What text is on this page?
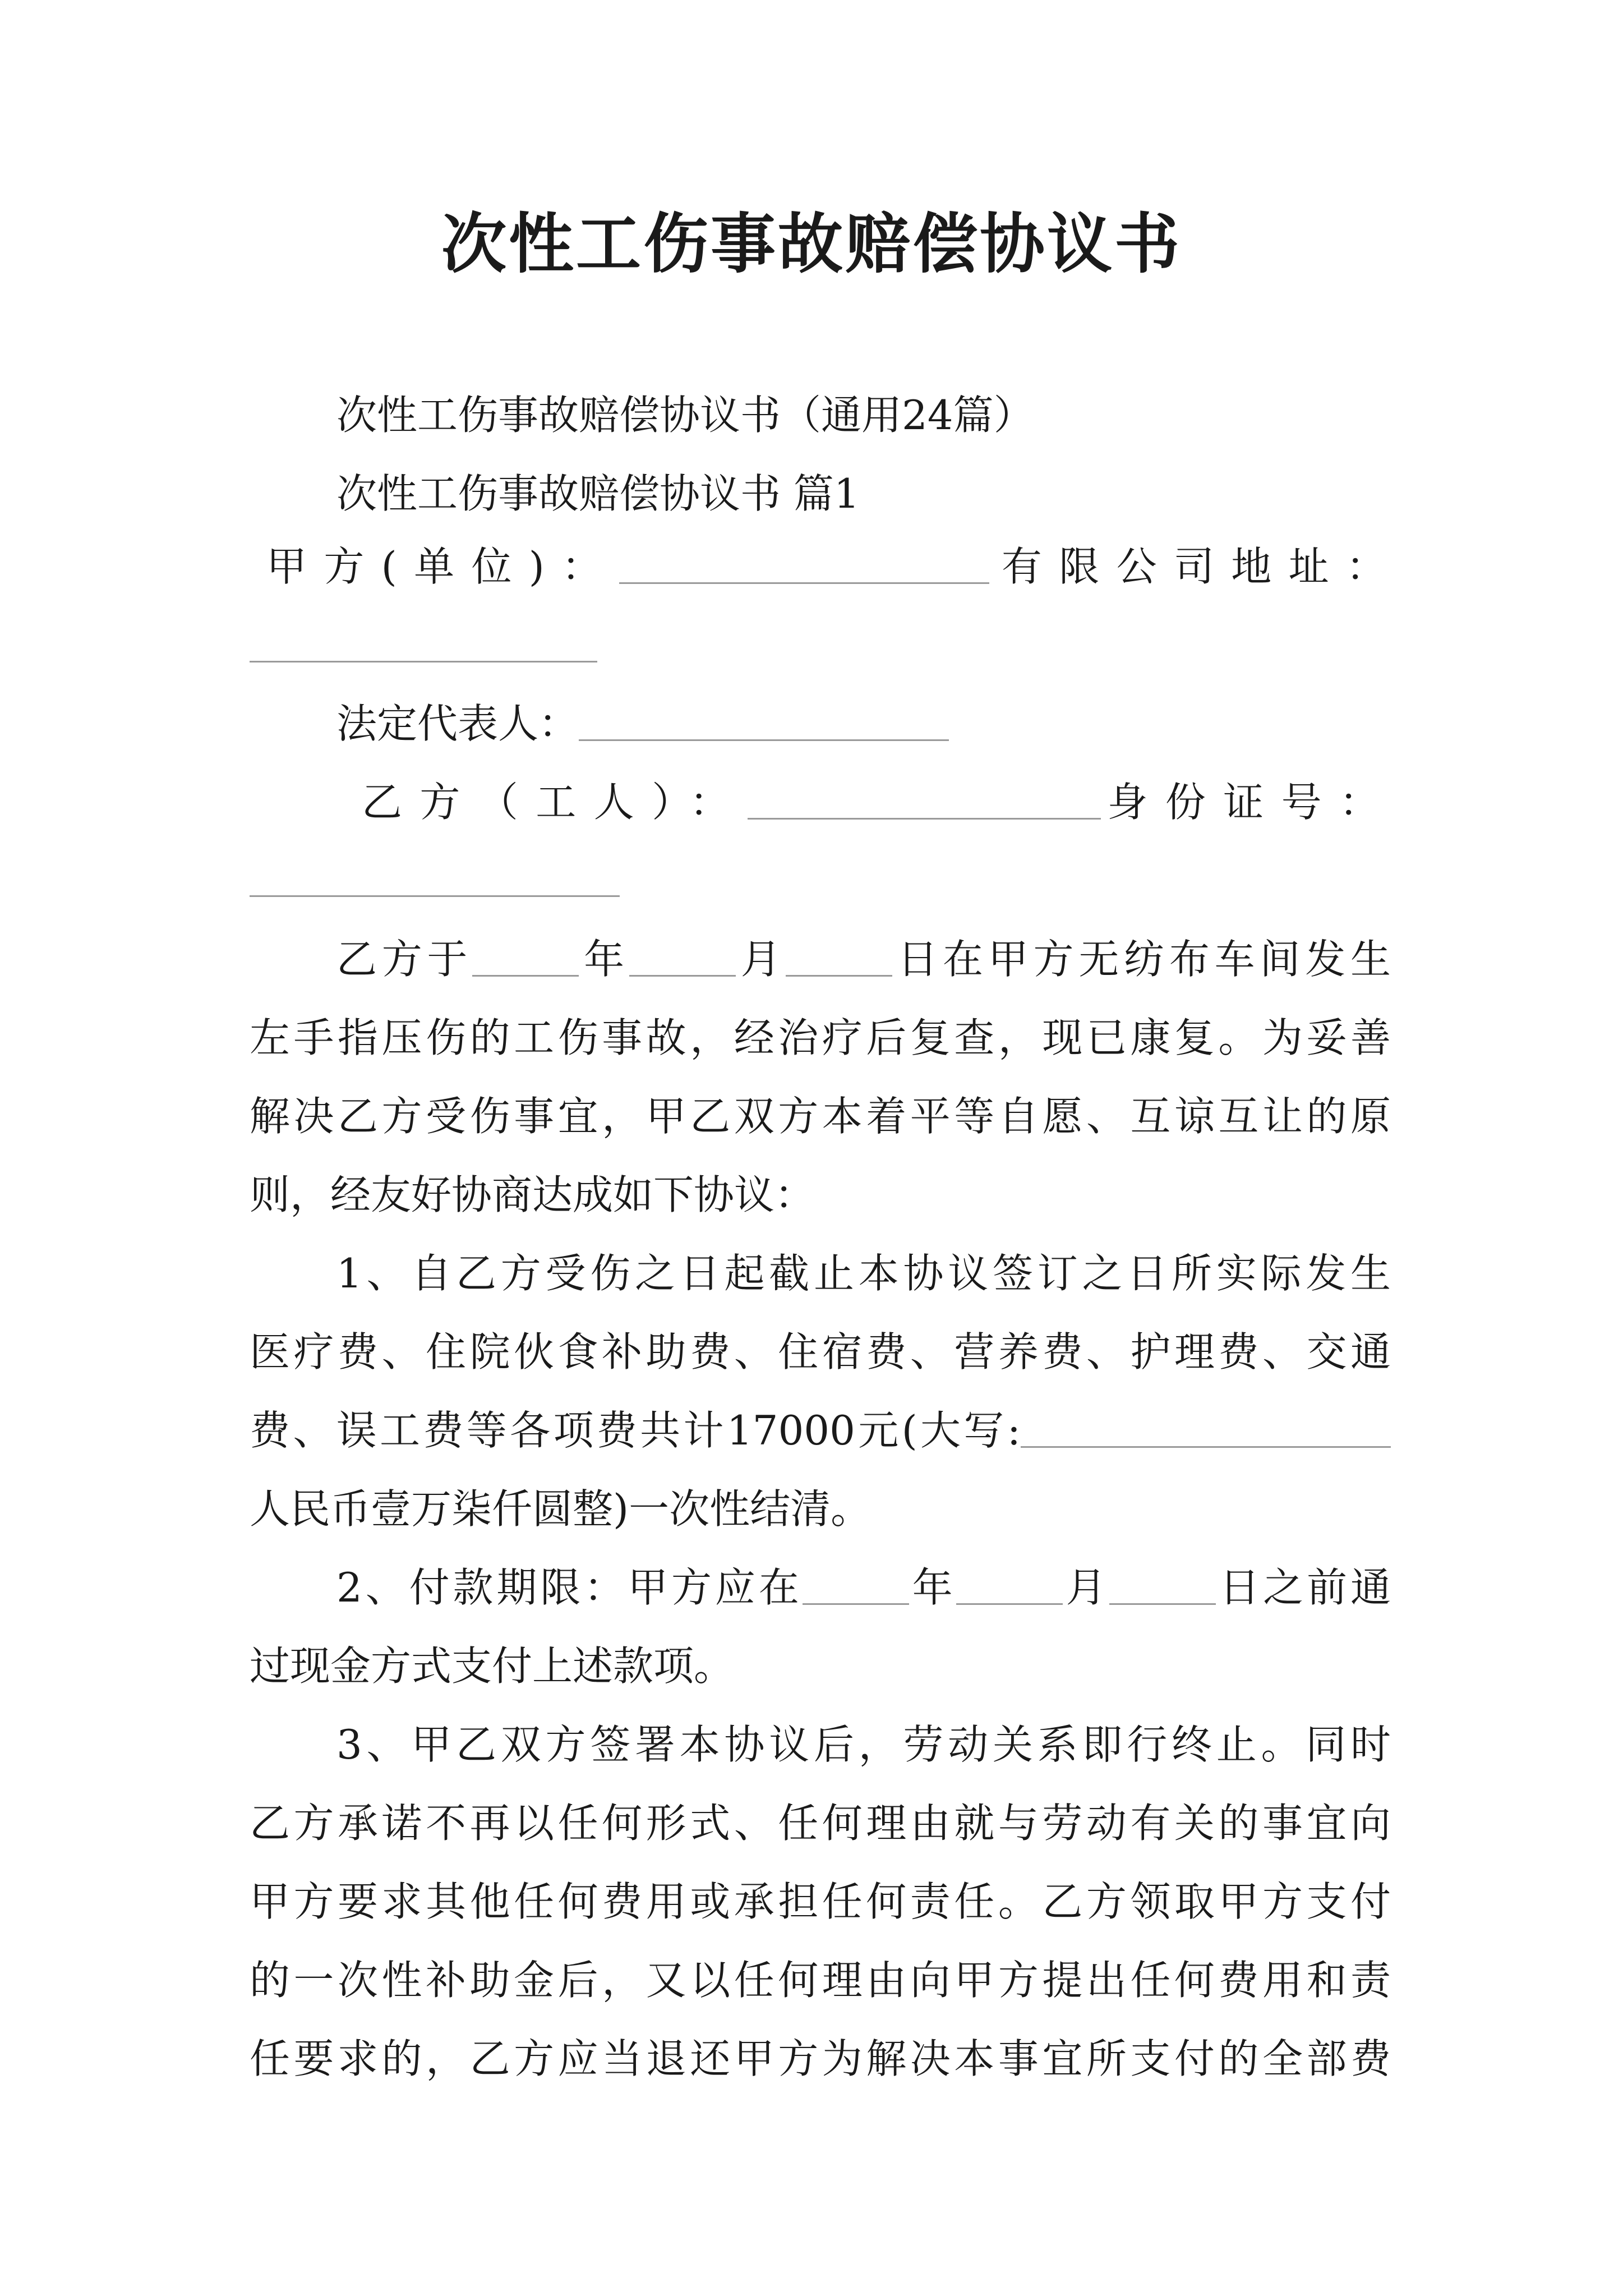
次性工伤事故赔偿协议书
次性工伤事故赔偿协议书（通用24篇）
次性工伤事故赔偿协议书 篇1
甲方(单位)：	有限公司地址：
法定代表人：
乙方（工人）：	身份证号：
乙方于	年	月	日在甲方无纺布车间发生
左手指压伤的工伤事故，经治疗后复查，现已康复。为妥善
解决乙方受伤事宜，甲乙双方本着平等自愿、互谅互让的原
则，经友好协商达成如下协议：
1、自乙方受伤之日起截止本协议签订之日所实际发生
医疗费、住院伙食补助费、住宿费、营养费、护理费、交通
费、误工费等各项费共计17000元(大写:
人民币壹万柒仟圆整)一次性结清。
2、付款期限：甲方应在	年	月	日之前通
过现金方式支付上述款项。
3、甲乙双方签署本协议后，劳动关系即行终止。同时
乙方承诺不再以任何形式、任何理由就与劳动有关的事宜向
甲方要求其他任何费用或承担任何责任。乙方领取甲方支付
的一次性补助金后，又以任何理由向甲方提出任何费用和责
任要求的，乙方应当退还甲方为解决本事宜所支付的全部费
